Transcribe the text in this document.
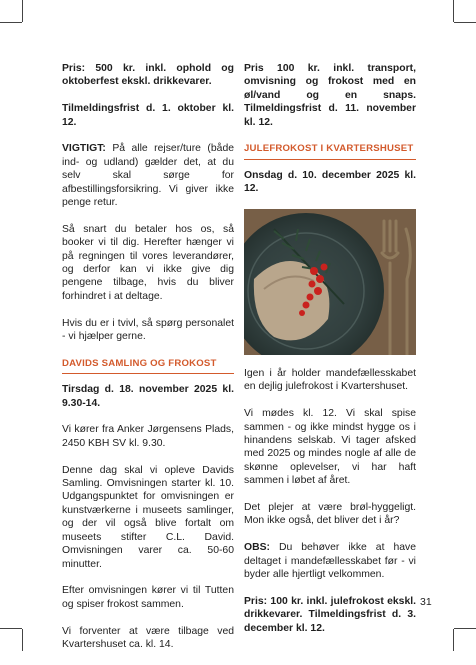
Pris: 500 kr. inkl. ophold og oktoberfest ekskl. drikkevarer.

Tilmeldingsfrist d. 1. oktober kl. 12.

VIGTIGT: På alle rejser/ture (både ind- og udland) gælder det, at du selv skal sørge for afbestillingsforsikring. Vi giver ikke penge retur.

Så snart du betaler hos os, så booker vi til dig. Herefter hænger vi på regningen til vores leverandører, og derfor kan vi ikke give dig pengene tilbage, hvis du bliver forhindret i at deltage.

Hvis du er i tvivl, så spørg personalet - vi hjælper gerne.

DAVIDS SAMLING OG FROKOST

Tirsdag d. 18. november 2025 kl. 9.30-14.

Vi kører fra Anker Jørgensens Plads, 2450 KBH SV kl. 9.30.

Denne dag skal vi opleve Davids Samling. Omvisningen starter kl. 10. Udgangspunktet for omvisningen er kunstværkerne i museets samlinger, og der vil også blive fortalt om museets stifter C.L. David. Omvisningen varer ca. 50-60 minutter.

Efter omvisningen kører vi til Tutten og spiser frokost sammen.

Vi forventer at være tilbage ved Kvartershuset ca. kl. 14.

Pris 100 kr. inkl. transport, omvisning og frokost med en øl/vand og en snaps. Tilmeldingsfrist d. 11. november kl. 12.

JULEFROKOST I KVARTERSHUSET

Onsdag d. 10. december 2025 kl. 12.

Igen i år holder mandefællesskabet en dejlig julefrokost i Kvartershuset.

Vi mødes kl. 12. Vi skal spise sammen - og ikke mindst hygge os i hinandens selskab. Vi tager afsked med 2025 og mindes nogle af alle de skønne oplevelser, vi har haft sammen i løbet af året.

Det plejer at være brøl-hyggeligt. Mon ikke også, det bliver det i år?

OBS: Du behøver ikke at have deltaget i mandefællesskabet før - vi byder alle hjertligt velkommen.

Pris: 100 kr. inkl. julefrokost ekskl. drikkevarer. Tilmeldingsfrist d. 3. december kl. 12.

31
